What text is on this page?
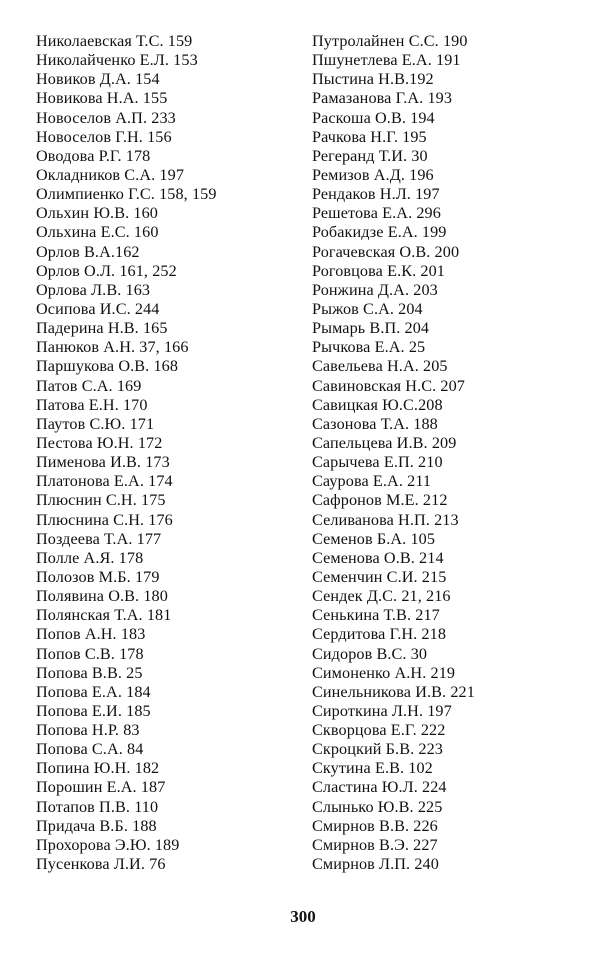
Николаевская Т.С. 159
Николайченко Е.Л. 153
Новиков Д.А. 154
Новикова Н.А. 155
Новоселов А.П. 233
Новоселов Г.Н. 156
Оводова Р.Г. 178
Окладников С.А. 197
Олимпиенко Г.С. 158, 159
Ольхин Ю.В. 160
Ольхина Е.С. 160
Орлов В.А.162
Орлов О.Л. 161, 252
Орлова Л.В. 163
Осипова И.С. 244
Падерина Н.В. 165
Панюков А.Н. 37, 166
Паршукова О.В. 168
Патов С.А. 169
Патова Е.Н. 170
Паутов С.Ю. 171
Пестова Ю.Н. 172
Пименова И.В. 173
Платонова Е.А. 174
Плюснин С.Н. 175
Плюснина С.Н. 176
Поздеева Т.А. 177
Полле А.Я. 178
Полозов М.Б. 179
Полявина О.В. 180
Полянская Т.А. 181
Попов А.Н. 183
Попов С.В. 178
Попова В.В. 25
Попова Е.А. 184
Попова Е.И. 185
Попова Н.Р. 83
Попова С.А. 84
Попина Ю.Н. 182
Порошин Е.А. 187
Потапов П.В. 110
Придача В.Б. 188
Прохорова Э.Ю. 189
Пусенкова Л.И. 76
Путролайнен С.С. 190
Пшунетлева Е.А. 191
Пыстина Н.В.192
Рамазанова Г.А. 193
Раскоша О.В. 194
Рачкова Н.Г. 195
Регеранд Т.И. 30
Ремизов А.Д. 196
Рендаков Н.Л. 197
Решетова Е.А. 296
Робакидзе Е.А. 199
Рогачевская О.В. 200
Роговцова Е.К. 201
Ронжина Д.А. 203
Рыжов С.А. 204
Рымарь В.П. 204
Рычкова Е.А. 25
Савельева Н.А. 205
Савиновская Н.С. 207
Савицкая Ю.С.208
Сазонова Т.А. 188
Сапельцева И.В. 209
Сарычева Е.П. 210
Саурова Е.А. 211
Сафронов М.Е. 212
Селиванова Н.П. 213
Семенов Б.А. 105
Семенова О.В. 214
Семенчин С.И. 215
Сендек Д.С. 21, 216
Сенькина Т.В. 217
Сердитова Г.Н. 218
Сидоров В.С. 30
Симоненко А.Н. 219
Синельникова И.В. 221
Сироткина Л.Н. 197
Скворцова Е.Г. 222
Скроцкий Б.В. 223
Скутина Е.В. 102
Сластина Ю.Л. 224
Слынько Ю.В. 225
Смирнов В.В. 226
Смирнов В.Э. 227
Смирнов Л.П. 240
300
